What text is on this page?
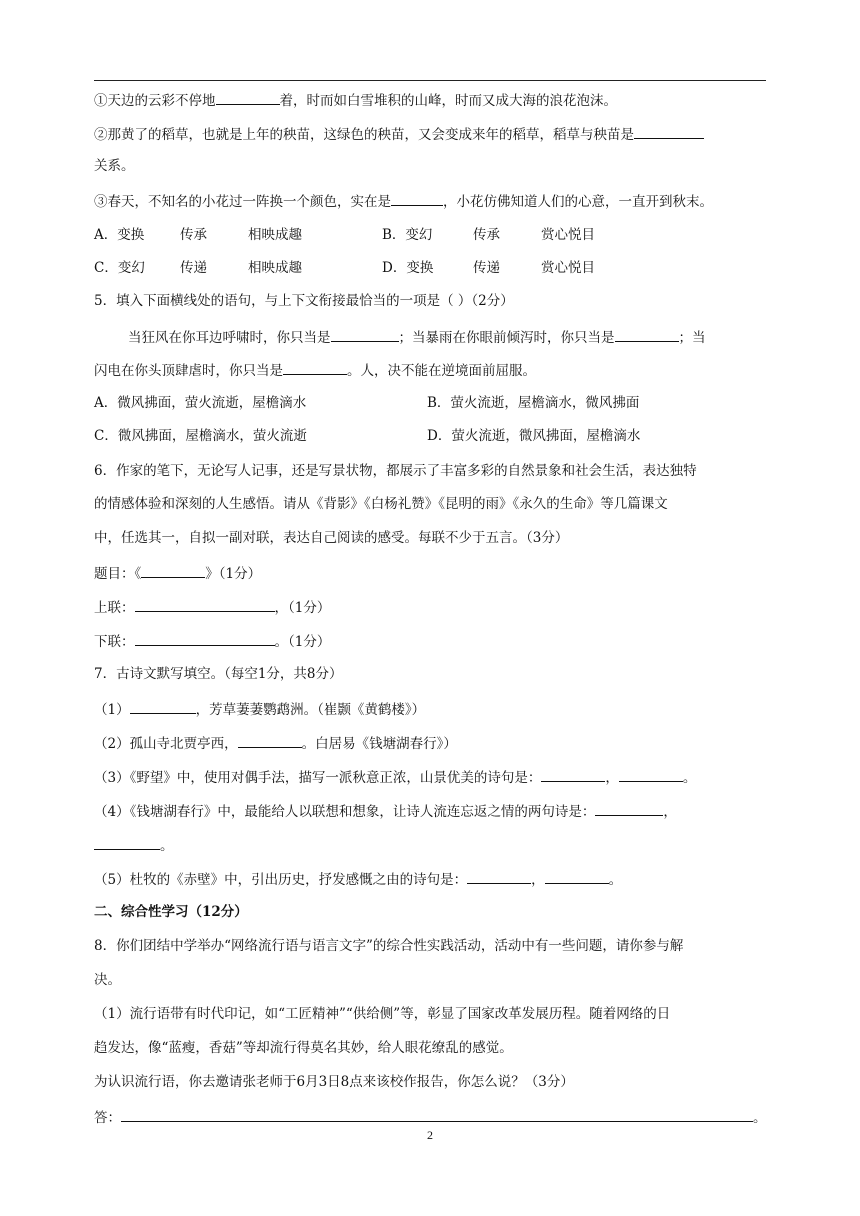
①天边的云彩不停地	着，时而如白雪堆积的山峰，时而又成大海的浪花泡沫。
②那黄了的稻草，也就是上年的秧苗，这绿色的秧苗，又会变成来年的稻草，稻草与秧苗是
关系。
③春天，不知名的小花过一阵换一个颜色，实在是	，小花仿佛知道人们的心意，一直开到秋末。
A．变换	传承	相映成趣	B．变幻	传承	赏心悦目
C．变幻	传递	相映成趣	D．变换	传递	赏心悦目
5．填入下面横线处的语句，与上下文衔接最恰当的一项是（ ）（2分）
当狂风在你耳边呼啸时，你只当是	；当暴雨在你眼前倾泻时，你只当是	；当
闪电在你头顶肆虐时，你只当是	。人，决不能在逆境面前屈服。
A．微风拂面，萤火流逝，屋檐滴水	B．萤火流逝，屋檐滴水，微风拂面
C．微风拂面，屋檐滴水，萤火流逝	D．萤火流逝，微风拂面，屋檐滴水
6．作家的笔下，无论写人记事，还是写景状物，都展示了丰富多彩的自然景象和社会生活，表达独特
的情感体验和深刻的人生感悟。请从《背影》《白杨礼赞》《昆明的雨》《永久的生命》等几篇课文
中，任选其一，自拟一副对联，表达自己阅读的感受。每联不少于五言。（3分）
题目：《	》（1分）
上联：	，（1分）
下联：	。（1分）
7．古诗文默写填空。（每空1分，共8分）
（1）	，芳草萋萋鹦鹉洲。（崔颢《黄鹤楼》）
（2）孤山寺北贾亭西，	。白居易《钱塘湖春行》）
（3）《野望》中，使用对偶手法，描写一派秋意正浓，山景优美的诗句是：	，	。
（4）《钱塘湖春行》中，最能给人以联想和想象，让诗人流连忘返之情的两句诗是：	，
。
（5）杜牧的《赤壁》中，引出历史，抒发感慨之由的诗句是：	，	。
二、综合性学习（12分）
8．你们团结中学举办“网络流行语与语言文字”的综合性实践活动，活动中有一些问题，请你参与解
决。
（1）流行语带有时代印记，如“工匠精神”“供给侧”等，彰显了国家改革发展历程。随着网络的日
趋发达，像“蓝瘦，香菇”等却流行得莫名其妙，给人眼花缭乱的感觉。
为认识流行语，你去邀请张老师于6月3日8点来该校作报告，你怎么说？（3分）
答：	。
2
